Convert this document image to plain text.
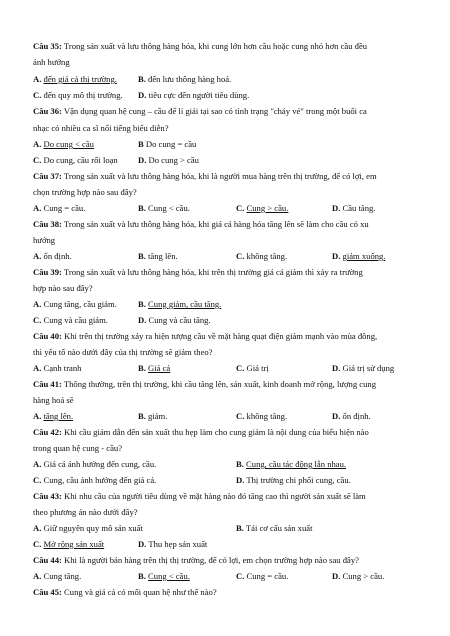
Câu 35: Trong sản xuất và lưu thông hàng hóa, khi cung lớn hơn cầu hoặc cung nhỏ hơn cầu đều
ảnh hưởng
A. đến giá cả thị trường. B. đến lưu thông hàng hoá.
C. đến quy mô thị trường. D. tiêu cực đến người tiêu dùng.
Câu 36: Vận dụng quan hệ cung – cầu để lí giải tại sao có tình trạng "cháy vé" trong một buổi ca
nhạc có nhiều ca sĩ nổi tiếng biểu diễn?
A. Do cung < cầu	B Do cung = cầu
C. Do cung, cầu rối loạn D. Do cung > cầu
Câu 37: Trong sản xuất và lưu thông hàng hóa, khi là người mua hàng trên thị trường, để có lợi, em
chọn trường hợp nào sau đây?
A. Cung = cầu.	B. Cung < cầu.	C. Cung > cầu.	D. Cầu tăng.
Câu 38: Trong sản xuất và lưu thông hàng hóa, khi giá cả hàng hóa tăng lên sẽ làm cho cầu có xu
hướng
A. ổn định.	B. tăng lên.	C. không tăng.	D. giảm xuống.
Câu 39: Trong sản xuất và lưu thông hàng hóa, khi trên thị trường giá cả giảm thì xảy ra trường
hợp nào sau đây?
A. Cung tăng, cầu giảm. B. Cung giảm, cầu tăng.
C. Cung và cầu giảm.	D. Cung và cầu tăng.
Câu 40: Khi trên thị trường xảy ra hiện tượng cầu về mặt hàng quạt điện giảm mạnh vào mùa đông,
thì yếu tố nào dưới đây của thị trường sẽ giảm theo?
A. Cạnh tranh	B. Giá cả	C. Giá trị	D. Giá trị sử dụng
Câu 41: Thông thường, trên thị trường, khi cầu tăng lên, sản xuất, kinh doanh mở rộng, lượng cung
hàng hoá sẽ
A. tăng lên.	B. giảm.	C. không tăng.	D. ổn định.
Câu 42: Khi cầu giảm dẫn đến sản xuất thu hẹp làm cho cung giảm là nội dung của biểu hiện nào
trong quan hệ cung - cầu?
A. Giá cả ảnh hưởng đến cung, cầu.	B. Cung, cầu tác động lẫn nhau.
C. Cung, cầu ảnh hưởng đến giá cả.	D. Thị trường chi phối cung, cầu.
Câu 43: Khi nhu cầu của người tiêu dùng về mặt hàng nào đó tăng cao thì người sản xuất sẽ làm
theo phương án nào dưới đây?
A. Giữ nguyên quy mô sản xuất	B. Tái cơ cấu sản xuất
C. Mở rộng sản xuất	D. Thu hẹp sản xuất
Câu 44: Khi là người bán hàng trên thị thị trường, để có lợi, em chọn trường hợp nào sau đây?
A. Cung tăng.	B. Cung < cầu.	C. Cung = cầu.	D. Cung > cầu.
Câu 45: Cung và giá cả có mối quan hệ như thế nào?
